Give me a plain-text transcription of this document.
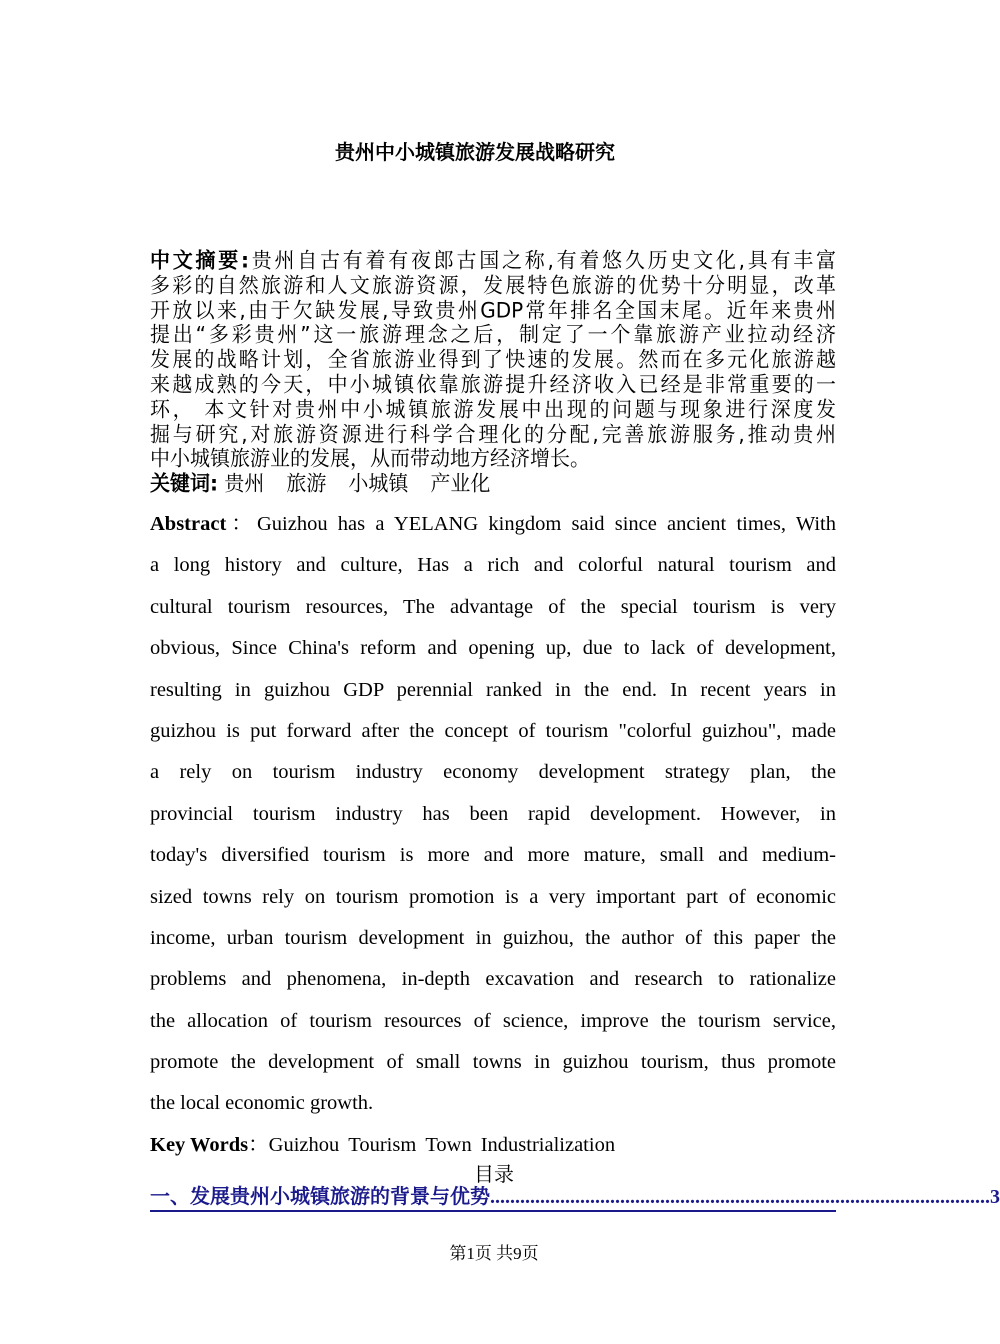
贵州中小城镇旅游发展战略研究
中文摘要:贵州自古有着有夜郎古国之称,有着悠久历史文化,具有丰富
多彩的自然旅游和人文旅游资源，发展特色旅游的优势十分明显，改革
开放以来,由于欠缺发展,导致贵州GDP常年排名全国末尾。近年来贵州
提出“多彩贵州”这一旅游理念之后，制定了一个靠旅游产业拉动经济
发展的战略计划，全省旅游业得到了快速的发展。然而在多元化旅游越
来越成熟的今天，中小城镇依靠旅游提升经济收入已经是非常重要的一
环， 本文针对贵州中小城镇旅游发展中出现的问题与现象进行深度发
掘与研究,对旅游资源进行科学合理化的分配,完善旅游服务,推动贵州
中小城镇旅游业的发展，从而带动地方经济增长。
关键词: 贵州 旅游 小城镇 产业化
Abstract：Guizhou has a YELANG kingdom said since ancient times, With
a long history and culture, Has a rich and colorful natural tourism and
cultural tourism resources, The advantage of the special tourism is very
obvious, Since China's reform and opening up, due to lack of development,
resulting in guizhou GDP perennial ranked in the end. In recent years in
guizhou is put forward after the concept of tourism "colorful guizhou", made
a rely on tourism industry economy development strategy plan, the
provincial tourism industry has been rapid development. However, in
today's diversified tourism is more and more mature, small and medium-
sized towns rely on tourism promotion is a very important part of economic
income, urban tourism development in guizhou, the author of this paper the
problems and phenomena, in-depth excavation and research to rationalize
the allocation of tourism resources of science, improve the tourism service,
promote the development of small towns in guizhou tourism, thus promote
the local economic growth.
Key Words：Guizhou Tourism Town Industrialization
目录
一、发展贵州小城镇旅游的背景与优势 .................................................................................................... 3
第1页 共9页
